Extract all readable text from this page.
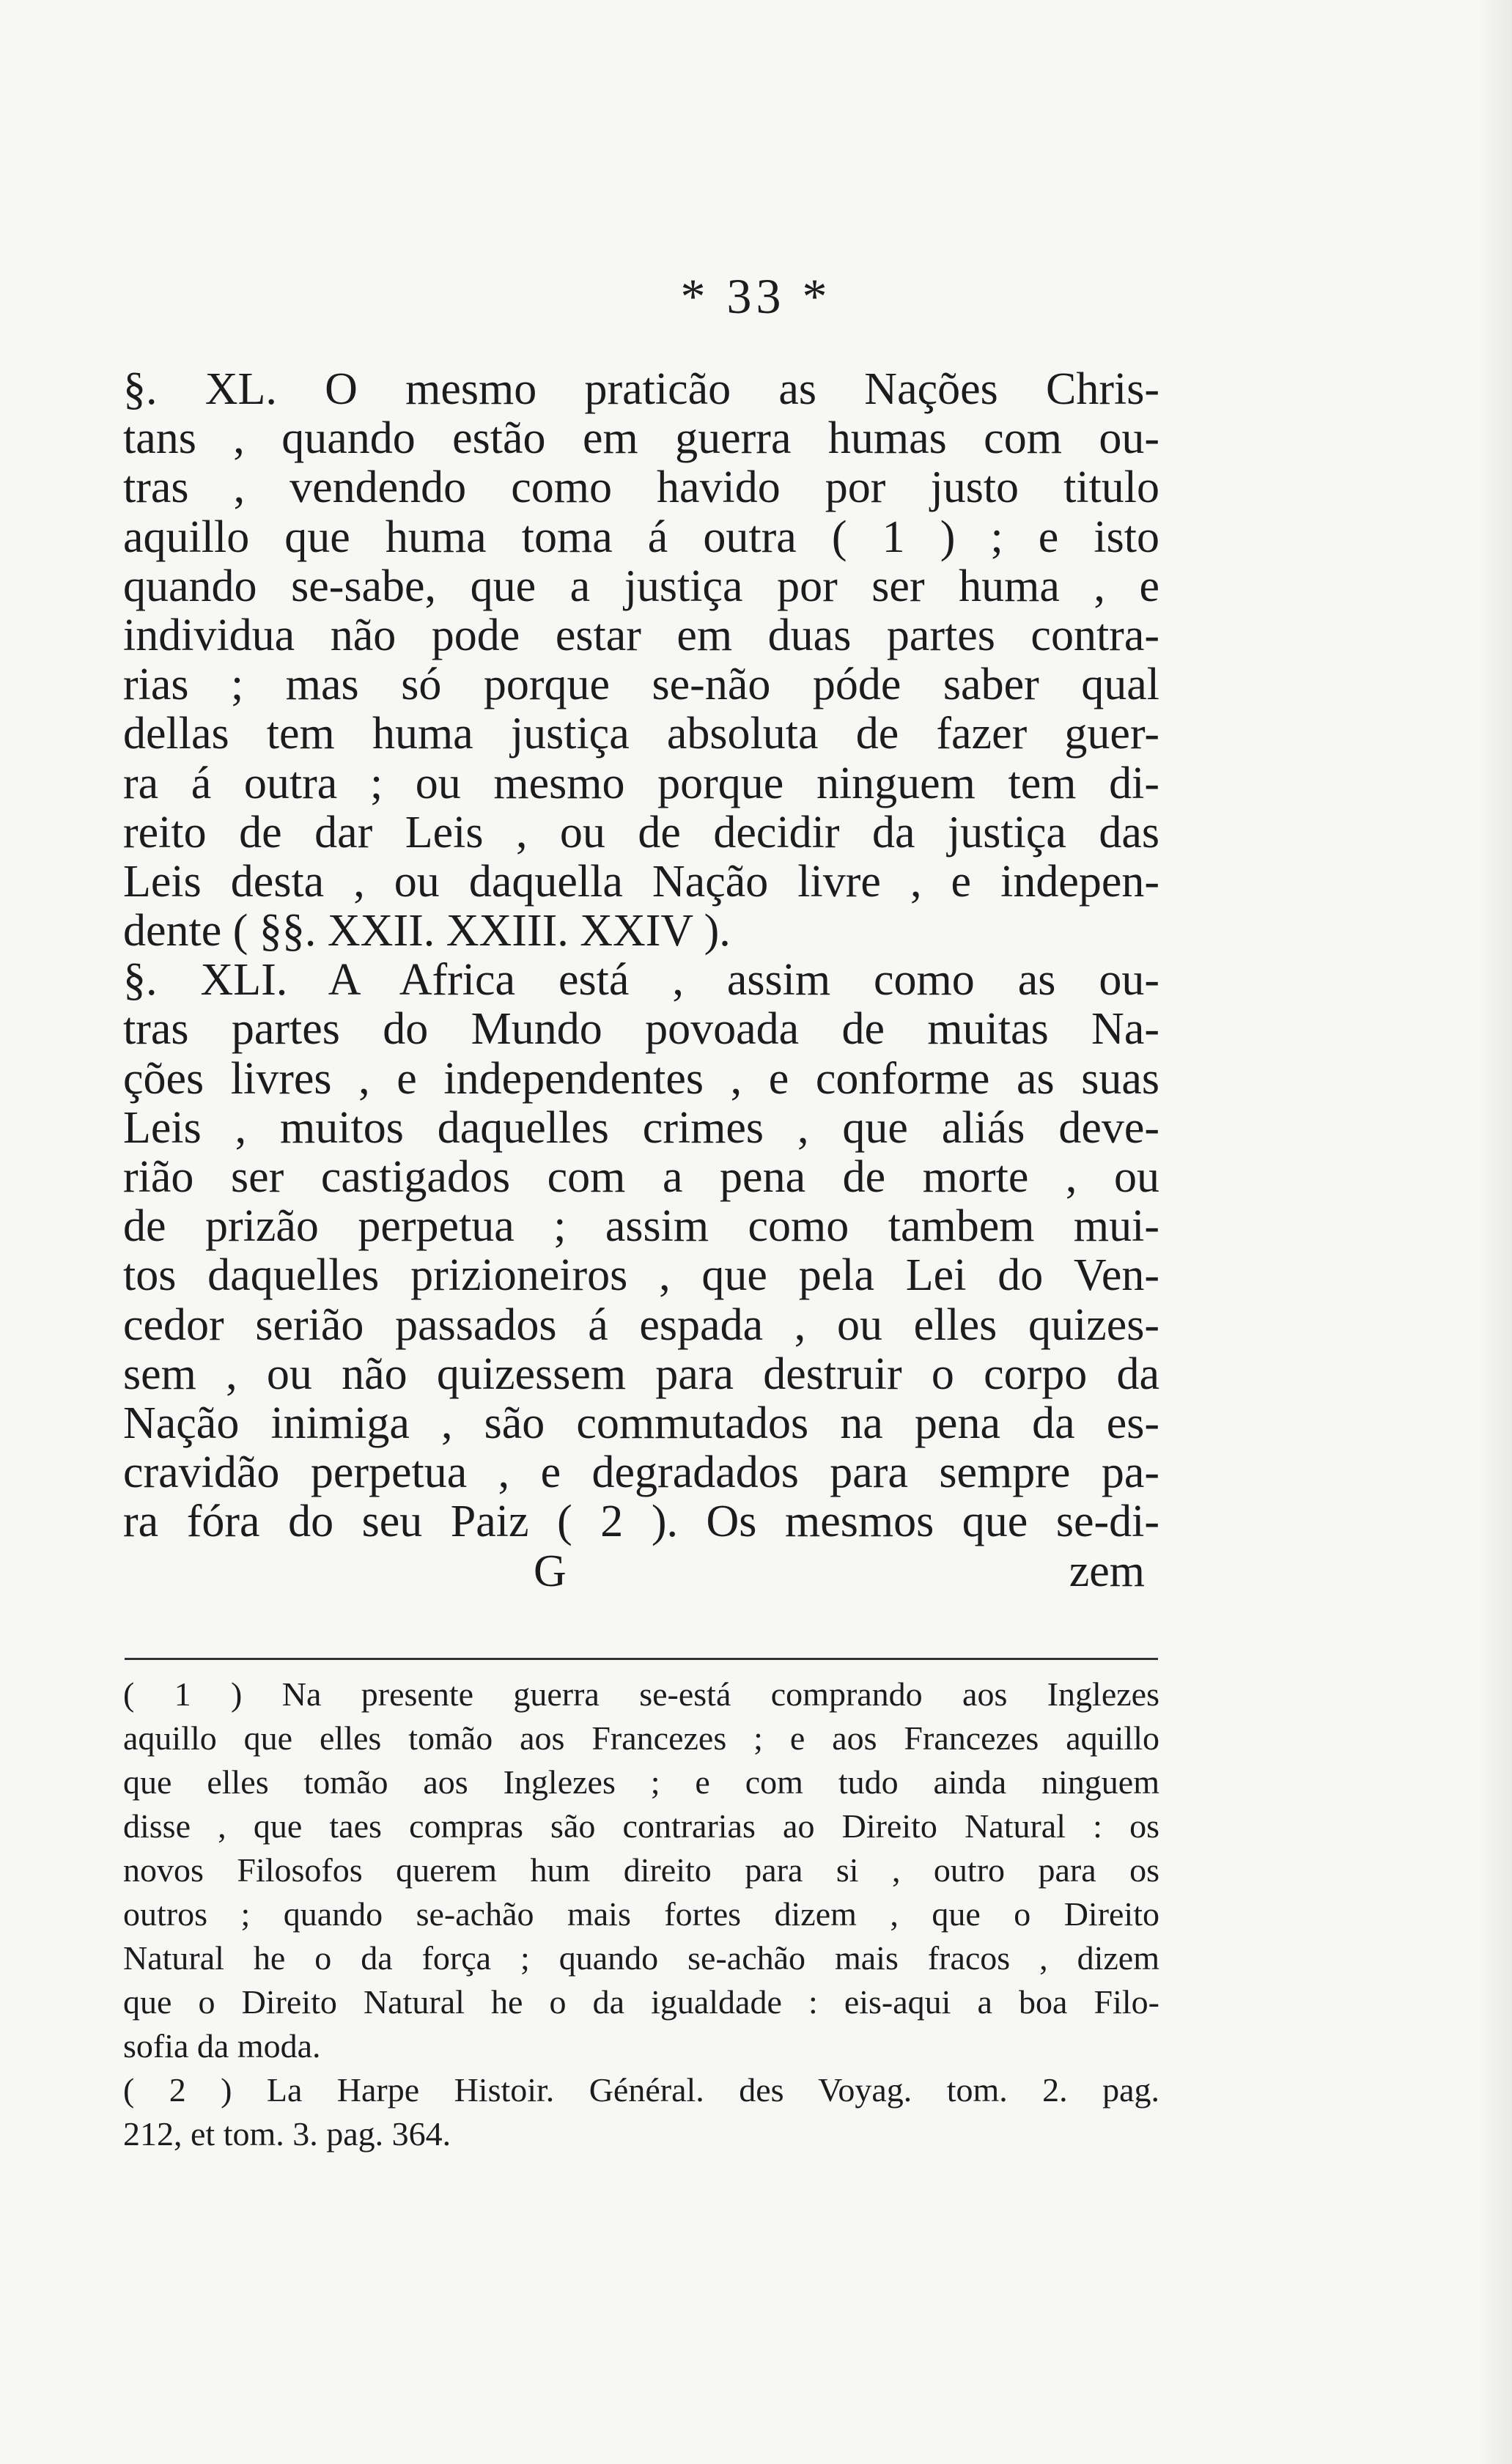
* 33 *
§. XL. O mesmo praticão as Nações Chris-
tans , quando estão em guerra humas com ou-
tras , vendendo como havido por justo titulo
aquillo que huma toma á outra ( 1 ) ; e isto
quando se-sabe, que a justiça por ser huma , e
individua não pode estar em duas partes contra-
rias ; mas só porque se-não póde saber qual
dellas tem huma justiça absoluta de fazer guer-
ra á outra ; ou mesmo porque ninguem tem di-
reito de dar Leis , ou de decidir da justiça das
Leis desta , ou daquella Nação livre , e indepen-
dente ( §§. XXII. XXIII. XXIV ).
§. XLI. A Africa está , assim como as ou-
tras partes do Mundo povoada de muitas Na-
ções livres , e independentes , e conforme as suas
Leis , muitos daquelles crimes , que aliás deve-
rião ser castigados com a pena de morte , ou
de prizão perpetua ; assim como tambem mui-
tos daquelles prizioneiros , que pela Lei do Ven-
cedor serião passados á espada , ou elles quizes-
sem , ou não quizessem para destruir o corpo da
Nação inimiga , são commutados na pena da es-
cravidão perpetua , e degradados para sempre pa-
ra fóra do seu Paiz ( 2 ). Os mesmos que se-di-
G	zem
( 1 ) Na presente guerra se-está comprando aos Inglezes
aquillo que elles tomão aos Francezes ; e aos Francezes aquillo
que elles tomão aos Inglezes ; e com tudo ainda ninguem
disse , que taes compras são contrarias ao Direito Natural : os
novos Filosofos querem hum direito para si , outro para os
outros ; quando se-achão mais fortes dizem , que o Direito
Natural he o da força ; quando se-achão mais fracos , dizem
que o Direito Natural he o da igualdade : eis-aqui a boa Filo-
sofia da moda.
( 2 ) La Harpe Histoir. Général. des Voyag. tom. 2. pag.
212, et tom. 3. pag. 364.
